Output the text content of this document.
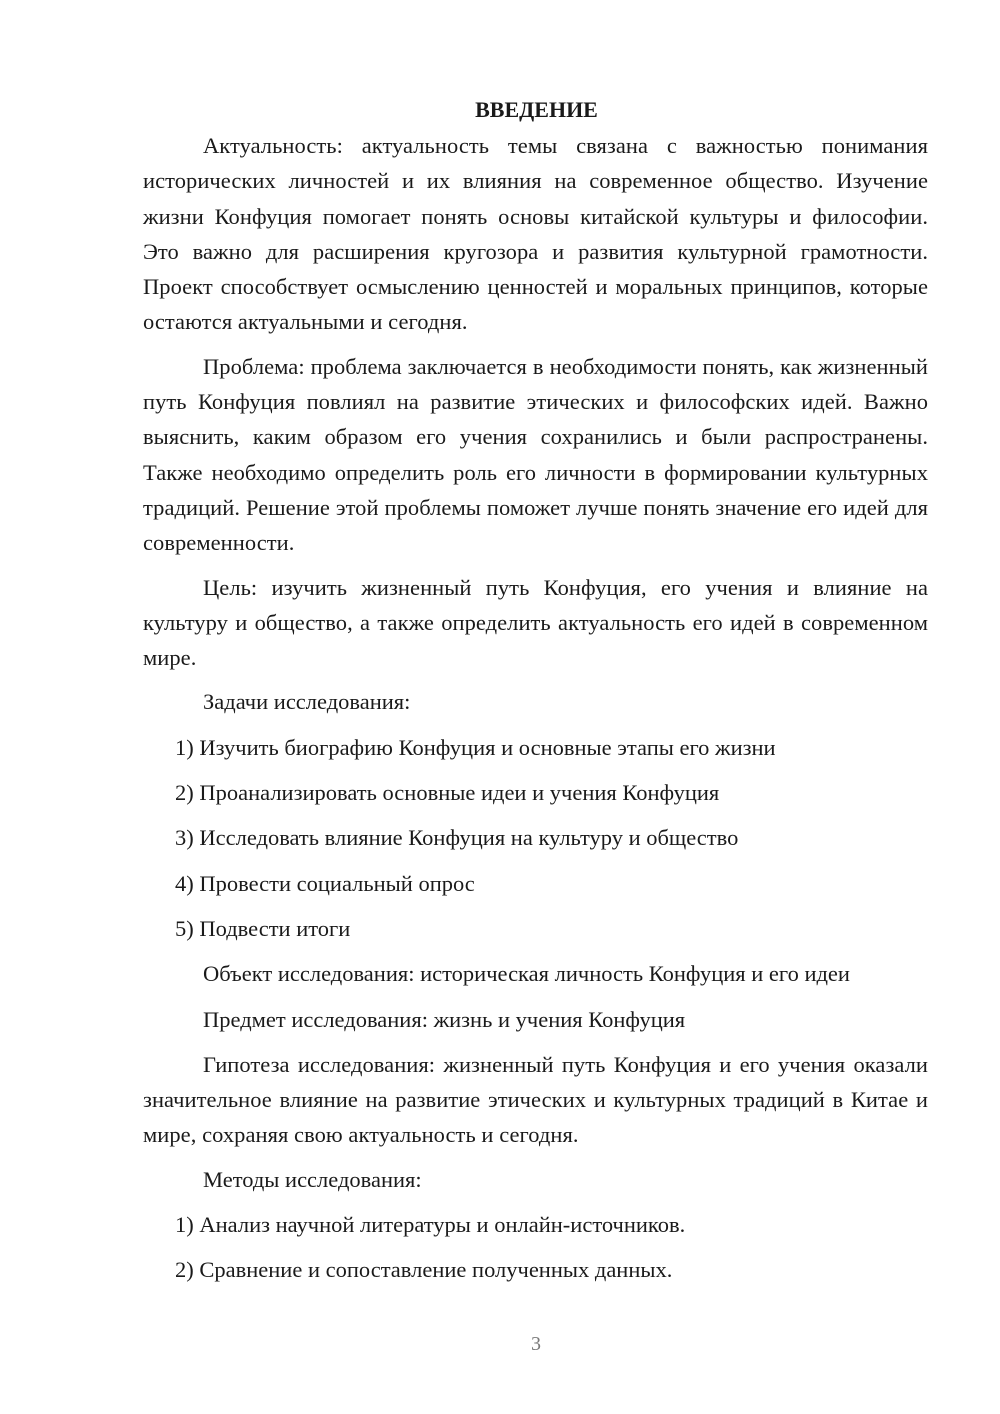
ВВЕДЕНИЕ

Актуальность: актуальность темы связана с важностью понимания исторических личностей и их влияния на современное общество. Изучение жизни Конфуция помогает понять основы китайской культуры и философии. Это важно для расширения кругозора и развития культурной грамотности. Проект способствует осмыслению ценностей и моральных принципов, которые остаются актуальными и сегодня.

Проблема: проблема заключается в необходимости понять, как жизненный путь Конфуция повлиял на развитие этических и философских идей. Важно выяснить, каким образом его учения сохранились и были распространены. Также необходимо определить роль его личности в формировании культурных традиций. Решение этой проблемы поможет лучше понять значение его идей для современности.

Цель: изучить жизненный путь Конфуция, его учения и влияние на культуру и общество, а также определить актуальность его идей в современном мире.

Задачи исследования:
1) Изучить биографию Конфуция и основные этапы его жизни
2) Проанализировать основные идеи и учения Конфуция
3) Исследовать влияние Конфуция на культуру и общество
4) Провести социальный опрос
5) Подвести итоги
Объект исследования: историческая личность Конфуция и его идеи
Предмет исследования: жизнь и учения Конфуция

Гипотеза исследования: жизненный путь Конфуция и его учения оказали значительное влияние на развитие этических и культурных традиций в Китае и мире, сохраняя свою актуальность и сегодня.

Методы исследования:
1) Анализ научной литературы и онлайн-источников.
2) Сравнение и сопоставление полученных данных.
3
